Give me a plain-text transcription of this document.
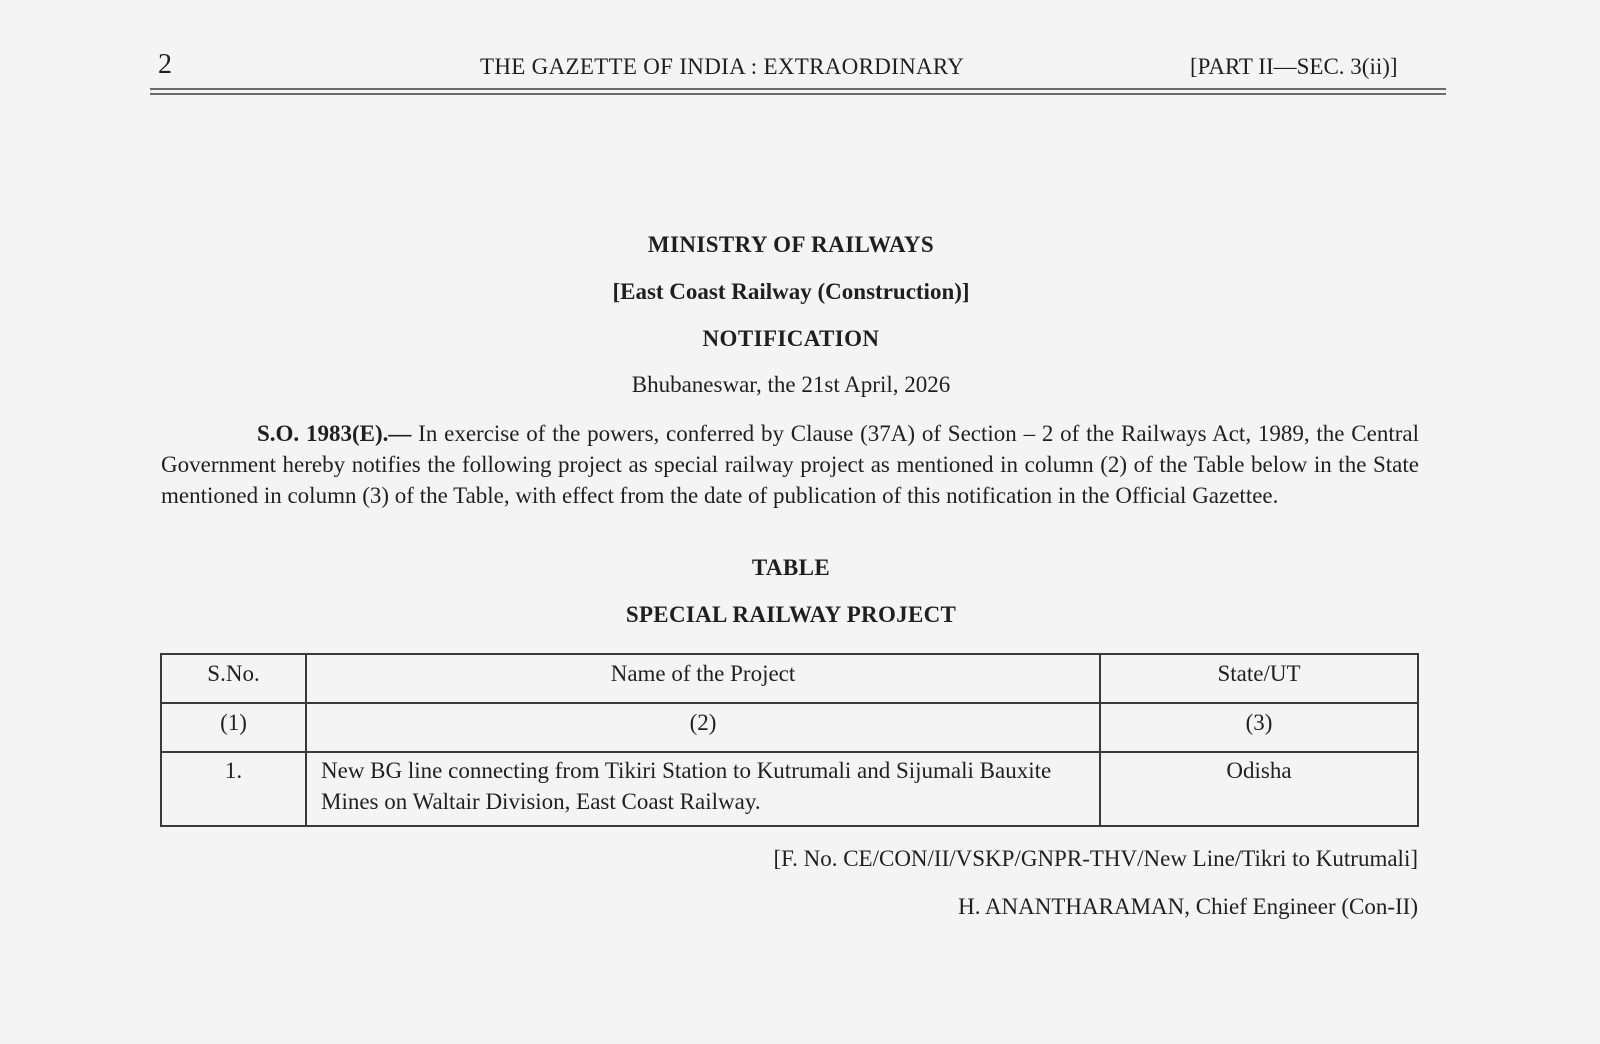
2	THE GAZETTE OF INDIA : EXTRAORDINARY	[PART II—SEC. 3(ii)]
MINISTRY OF RAILWAYS
[East Coast Railway (Construction)]
NOTIFICATION
Bhubaneswar, the 21st April, 2026
S.O. 1983(E).— In exercise of the powers, conferred by Clause (37A) of Section – 2 of the Railways Act, 1989, the Central Government hereby notifies the following project as special railway project as mentioned in column (2) of the Table below in the State mentioned in column (3) of the Table, with effect from the date of publication of this notification in the Official Gazettee.
TABLE
SPECIAL RAILWAY PROJECT
S.No.	Name of the Project	State/UT
(1)	(2)	(3)
1.	New BG line connecting from Tikiri Station to Kutrumali and Sijumali Bauxite Mines on Waltair Division, East Coast Railway.	Odisha
[F. No. CE/CON/II/VSKP/GNPR-THV/New Line/Tikri to Kutrumali]
H. ANANTHARAMAN, Chief Engineer (Con-II)
